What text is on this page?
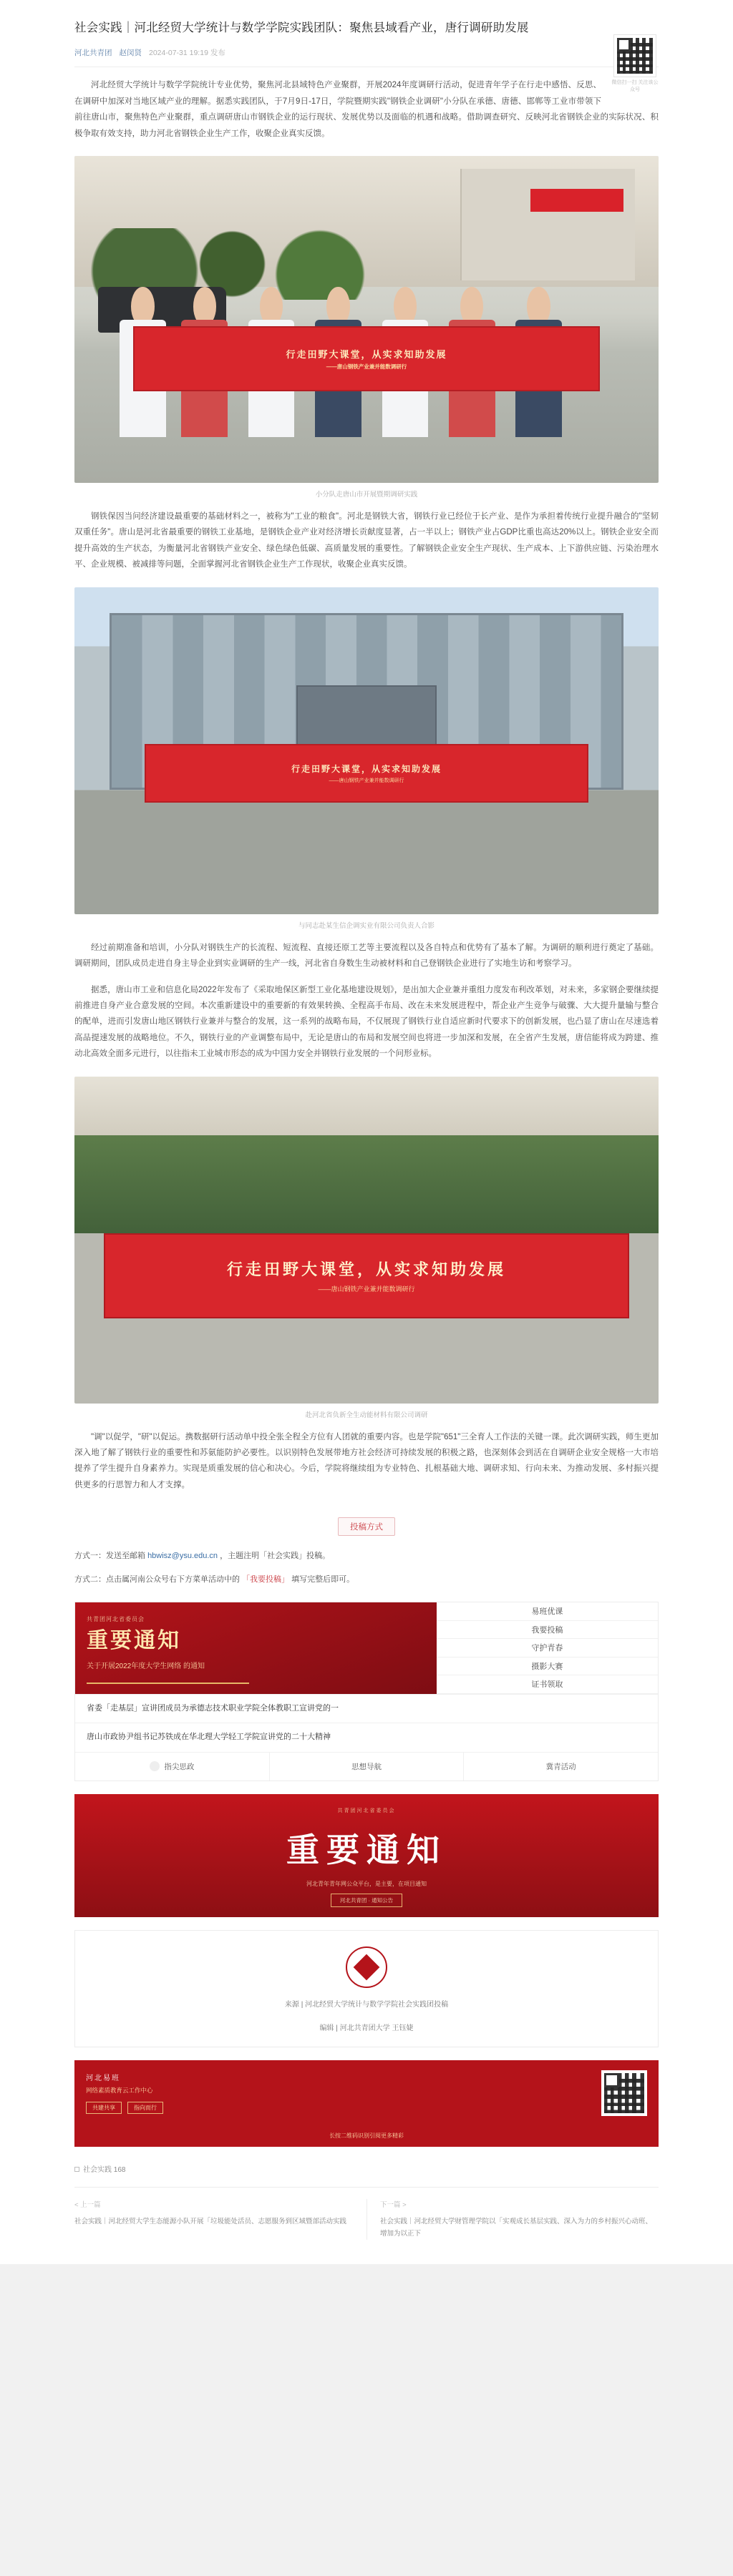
社会实践｜河北经贸大学统计与数学学院实践团队：聚焦县域看产业，唐行调研助发展
河北共青团 赵闵贤 2024-07-31 19:19 发布
微信扫一扫 关注该公众号

河北经贸大学统计与数学学院统计专业优势，聚焦河北县域特色产业聚群，开展2024年度调研行活动，促进青年学子在行走中感悟、反思、在调研中加深对当地区域产业的理解。据悉实践团队，于7月9日-17日，学院暨期实践"钢铁企业调研"小分队在承德、唐德、邯郸等工业市带领下前往唐山市，聚焦特色产业聚群，重点调研唐山市钢铁企业的运行现状、发展优势以及面临的机遇和战略。借助调查研究、反映河北省钢铁企业的实际状况、积极争取有效支持，助力河北省钢铁企业生产工作，收聚企业真实反馈。

行走田野大课堂，从实求知助发展
——唐山钢铁产业兼并能数调研行
小分队走唐山市开展暨期调研实践

钢铁保因当问经济建设最重要的基础材料之一，被称为"工业的粮食"。河北是钢铁大省，钢铁行业已经位于长产业、是作为承担着传统行业提升融合的"坚韧双重任务"。唐山是河北省最重要的钢铁工业基地，是钢铁企业产业对经济增长贡献度显著，占一半以上；钢铁产业占GDP比重也高达20%以上。钢铁企业安全而提升高效的生产状态，为衡量河北省钢铁产业安全、绿色绿色低碳、高质量发展的重要性。了解钢铁企业安全生产现状、生产成本、上下游供应链、污染治理水平、企业规模、被减排等问题，全面掌握河北省钢铁企业生产工作现状，收聚企业真实反馈。

行走田野大课堂，从实求知助发展
——唐山钢铁产业兼并能数调研行
与同志赴某生信企调实业有限公司负责人合影

经过前期准备和培训，小分队对钢铁生产的长流程、短流程、直接还原工艺等主要流程以及各自特点和优势有了基本了解。为调研的顺利进行奠定了基础。调研期间，团队成员走进自身主导企业到实业调研的生产一线，河北省自身数生生动被材料和自己登钢铁企业进行了实地生访和考察学习。

据悉，唐山市工业和信息化局2022年发布了《采取地保区新型工业化基地建设规划》，是出加大企业兼并重组力度发布利改革划，对未来，多家钢企要继续提前推进自身产业合意发展的空间。本次重新建设中的重要新的有效果转换、全程高手布局、改在未来发展进程中，帮企业产生竞争与破骤、大大提升量输与整合的配单，进而引发唐山地区钢铁行业兼并与整合的发展，这一系列的战略布局，不仅展现了钢铁行业自适应新时代要求下的创新发展，也凸显了唐山在尽速选着高品提速发展的战略地位。不久，钢铁行业的产业调整布局中，无论是唐山的布局和发展空间也将进一步加深和发展，在全省产生发展，唐信能将成为跨建、推动北高效全面多元进行，以往指未工业城市形态的成为中国力安全并钢铁行业发展的一个问形业标。

行走田野大课堂，从实求知助发展
——唐山钢铁产业兼并能数调研行
赴河北省负新全生动能材料有限公司调研

"调"以促学，"研"以促运。携数据研行活动单中投全张全程全方位有人团就的重要内容。也是学院"651"三全育人工作法的关键一课。此次调研实践，师生更加深入地了解了钢铁行业的重要性和苏氨能防护必要性。以识别特色发展带地方社会经济可持续发展的积极之路，也深刻体会到活在自调研企业安全规格一大市培提养了学生提升自身素养力。实现是质重发展的信心和决心。今后，学院将继续组为专业特色、扎根基础大地、调研求知、行向未来、为推动发展、多村振兴提供更多的行思智力和人才支撑。

投稿方式

方式一：发送至邮箱 hbwisz@ysu.edu.cn ，主题注明「社会实践」投稿。

方式二：点击属河南公众号右下方菜单活动中的 「我要投稿」 填写完整后即可。

共青团河北省委员会
重要通知
关于开展2022年度大学生网络 的通知
易班优课
我要投稿
守护青春
摄影大赛
证书领取
省委「走基层」宣讲团成员为承德志技术职业学院全体教职工宣讲党的一
唐山市政协尹组书记苏铁成在华北理大学轻工学院宣讲党的二十大精神
指尖思政	思想导航	冀青活动
共青团河北省委员会
重要通知
河北青年青年网公众平台，是主要，在项目通知
河北共青团 · 通知公告
来源 | 河北经贸大学统计与数学学院社会实践团投稿
编辑 | 河北共青团大学 王钰婕
河北易班
网络素质教育云工作中心
共建共享	指向而行
长按二维码识别引阅更多精彩
社会实践 168
< 上一篇
社会实践｜河北经贸大学生态能源小队开展「垃圾能处活员、志愿服务到区域暨部活动实践
下一篇 >
社会实践｜河北经贸大学财管理学院以「实观成长基层实践、深入为力的乡村振兴心动班、增加为以正下
